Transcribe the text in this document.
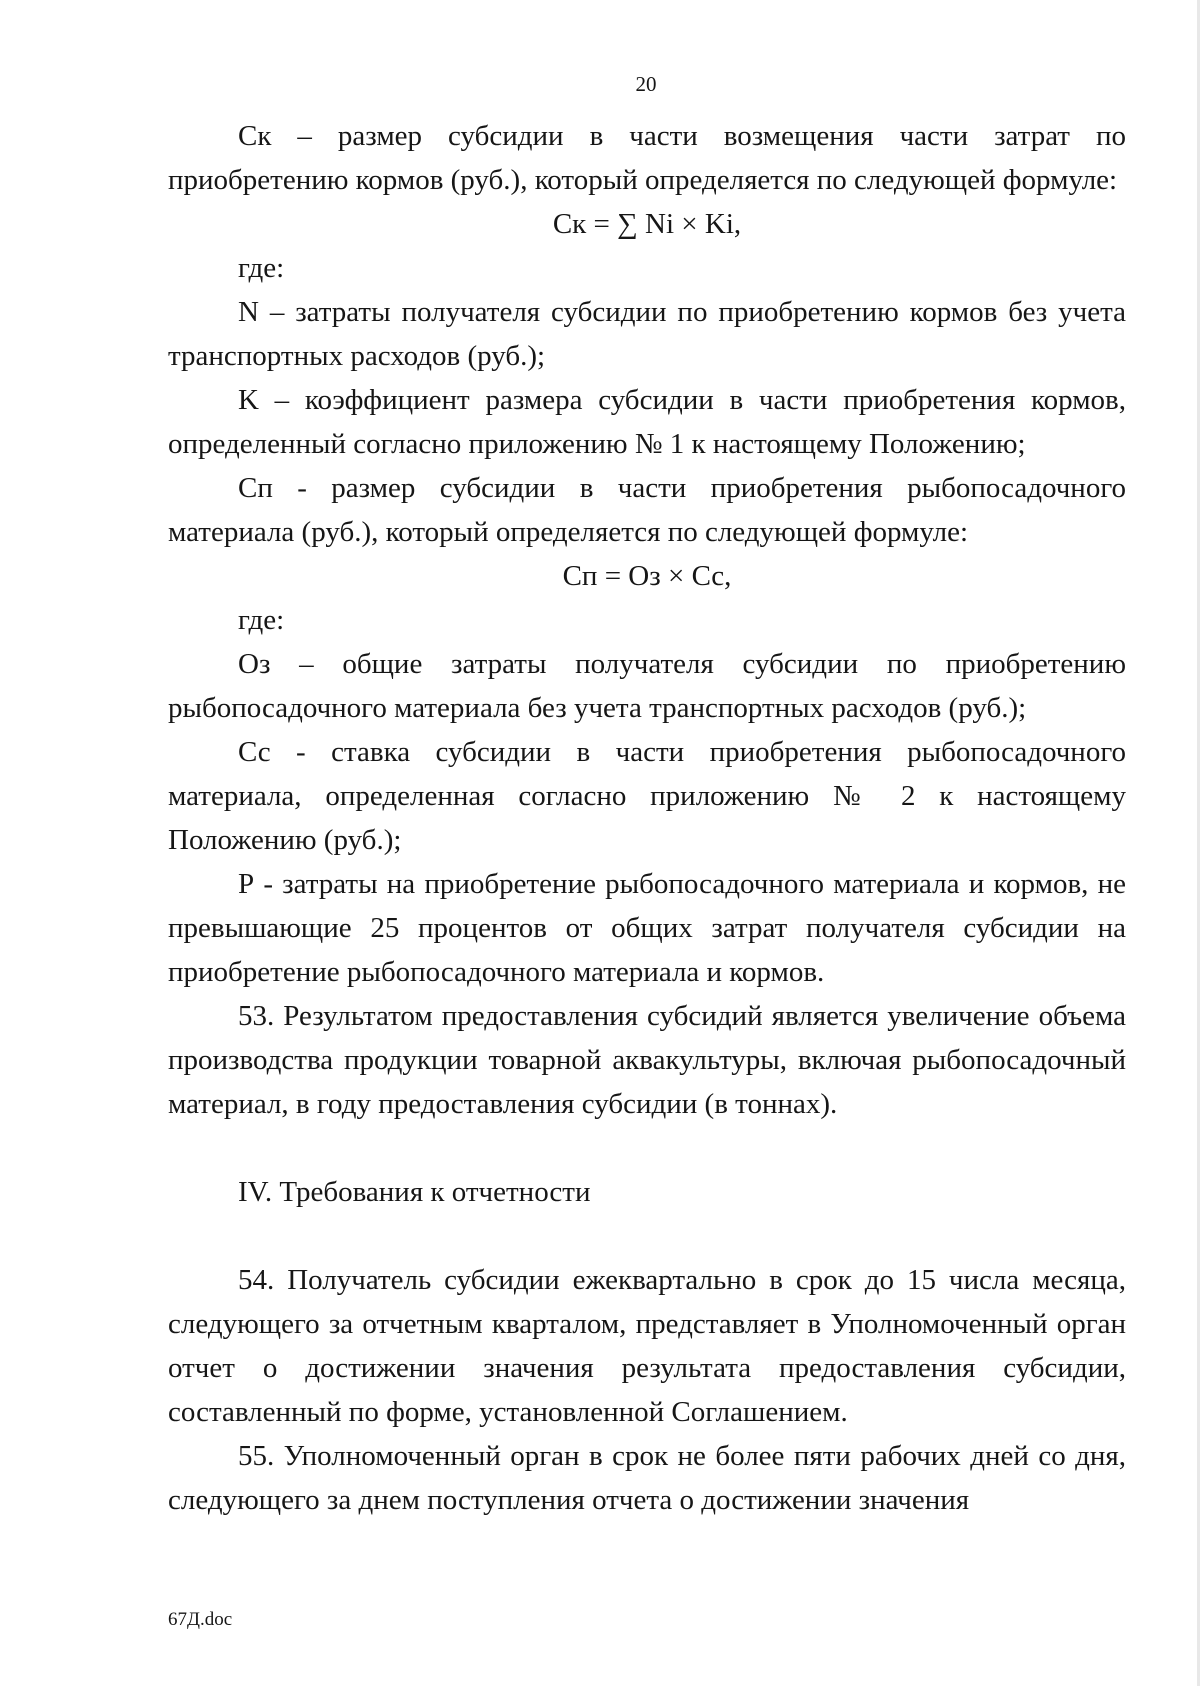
20

Ск – размер субсидии в части возмещения части затрат по приобретению кормов (руб.), который определяется по следующей формуле:

Ск = ∑ Ni × Ki,

где:

N – затраты получателя субсидии по приобретению кормов без учета транспортных расходов (руб.);

K – коэффициент размера субсидии в части приобретения кормов, определенный согласно приложению № 1 к настоящему Положению;

Сп - размер субсидии в части приобретения рыбопосадочного материала (руб.), который определяется по следующей формуле:

Сп = Оз × Сс,

где:

Оз – общие затраты получателя субсидии по приобретению рыбопосадочного материала без учета транспортных расходов (руб.);

Сс - ставка субсидии в части приобретения рыбопосадочного материала, определенная согласно приложению № 2 к настоящему Положению (руб.);

Р - затраты на приобретение рыбопосадочного материала и кормов, не превышающие 25 процентов от общих затрат получателя субсидии на приобретение рыбопосадочного материала и кормов.

53. Результатом предоставления субсидий является увеличение объема производства продукции товарной аквакультуры, включая рыбопосадочный материал, в году предоставления субсидии (в тоннах).

IV. Требования к отчетности

54. Получатель субсидии ежеквартально в срок до 15 числа месяца, следующего за отчетным кварталом, представляет в Уполномоченный орган отчет о достижении значения результата предоставления субсидии, составленный по форме, установленной Соглашением.

55. Уполномоченный орган в срок не более пяти рабочих дней со дня, следующего за днем поступления отчета о достижении значения

67Д.doc
